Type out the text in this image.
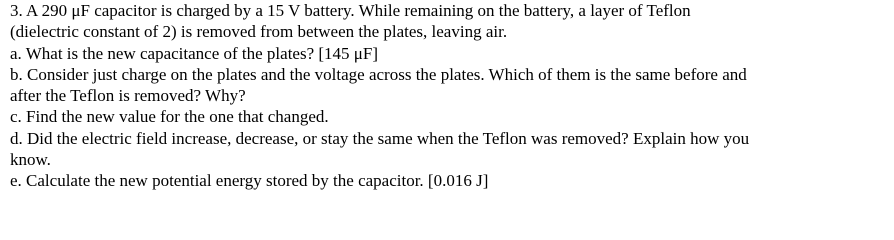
3. A 290 μF capacitor is charged by a 15 V battery. While remaining on the battery, a layer of Teflon
(dielectric constant of 2) is removed from between the plates, leaving air.
a. What is the new capacitance of the plates? [145 μF]
b. Consider just charge on the plates and the voltage across the plates. Which of them is the same before and
after the Teflon is removed? Why?
c. Find the new value for the one that changed.
d. Did the electric field increase, decrease, or stay the same when the Teflon was removed? Explain how you
know.
e. Calculate the new potential energy stored by the capacitor. [0.016 J]
